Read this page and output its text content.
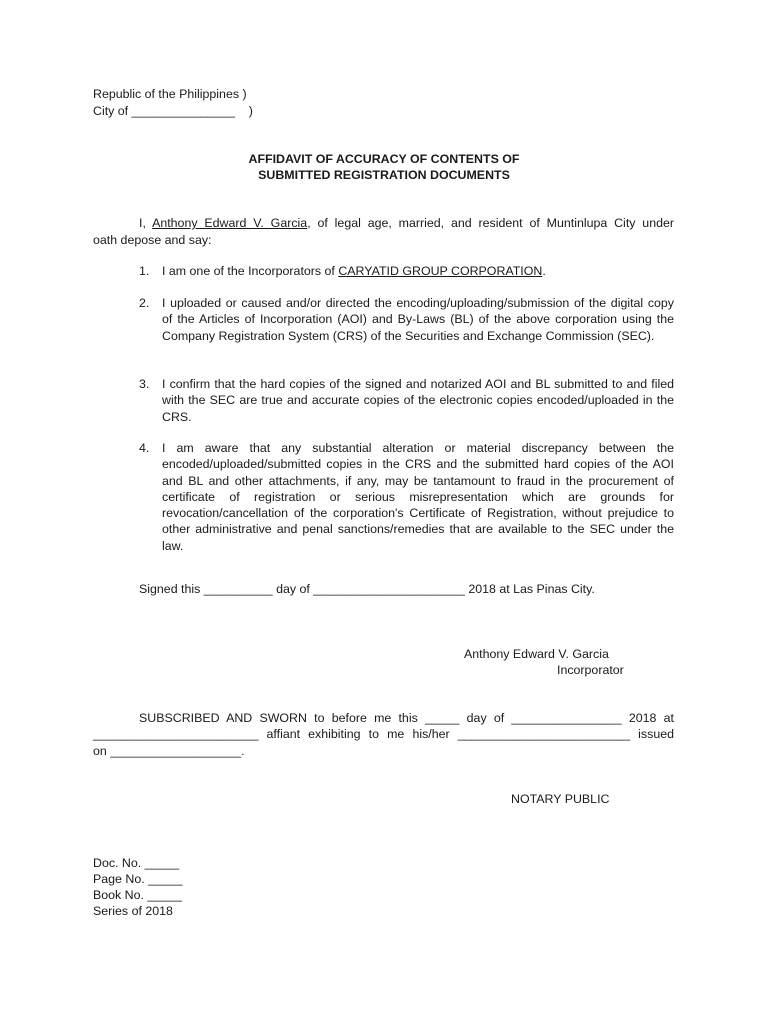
Republic of the Philippines )
City of _______________    )
AFFIDAVIT OF ACCURACY OF CONTENTS OF
SUBMITTED REGISTRATION DOCUMENTS
I, Anthony Edward V. Garcia, of legal age, married, and resident of Muntinlupa City under
oath depose and say:
1. I am one of the Incorporators of CARYATID GROUP CORPORATION.
2. I uploaded or caused and/or directed the encoding/uploading/submission of the digital copy of the Articles of Incorporation (AOI) and By-Laws (BL) of the above corporation using the Company Registration System (CRS) of the Securities and Exchange Commission (SEC).
3. I confirm that the hard copies of the signed and notarized AOI and BL submitted to and filed with the SEC are true and accurate copies of the electronic copies encoded/uploaded in the CRS.
4. I am aware that any substantial alteration or material discrepancy between the encoded/uploaded/submitted copies in the CRS and the submitted hard copies of the AOI and BL and other attachments, if any, may be tantamount to fraud in the procurement of certificate of registration or serious misrepresentation which are grounds for revocation/cancellation of the corporation's Certificate of Registration, without prejudice to other administrative and penal sanctions/remedies that are available to the SEC under the law.
Signed this __________ day of ______________________ 2018 at Las Pinas City.
Anthony Edward V. Garcia
Incorporator
SUBSCRIBED AND SWORN to before me this _____ day of ________________ 2018 at
________________________ affiant exhibiting to me his/her _________________________ issued
on ___________________.
NOTARY PUBLIC
Doc. No. _____
Page No. _____
Book No. _____
Series of 2018
